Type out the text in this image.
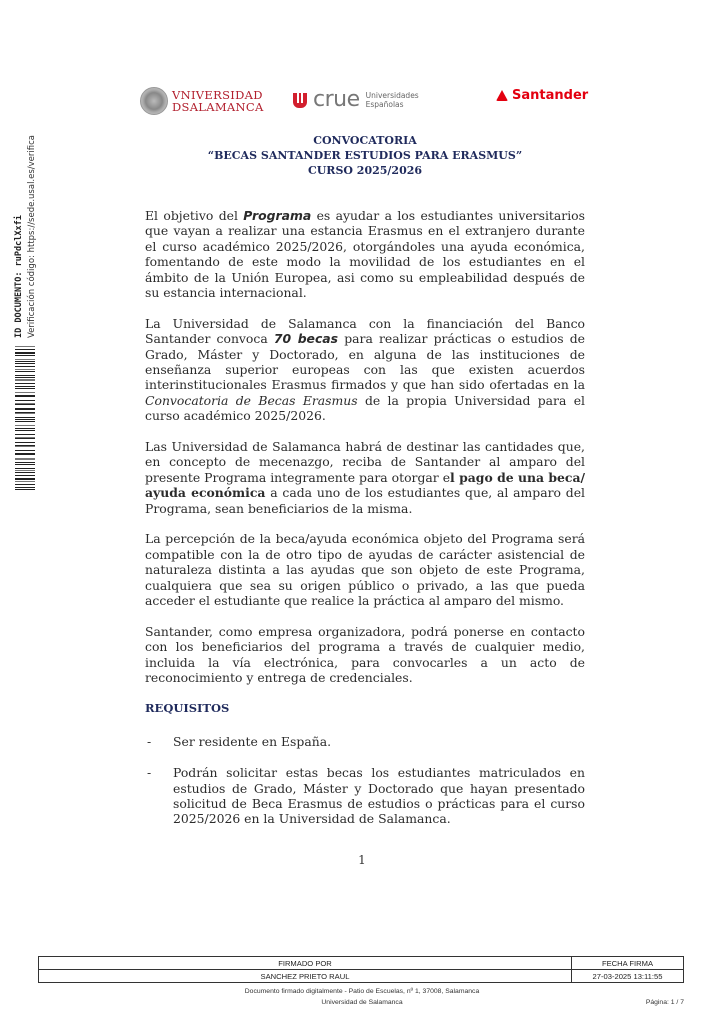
VNIVERSIDAD
DSALAMANCA crue Universidades
Españolas
Santander
CONVOCATORIA
“BECAS SANTANDER ESTUDIOS PARA ERASMUS”
CURSO 2025/2026

El objetivo del Programa es ayudar a los estudiantes universitarios que vayan a realizar una estancia Erasmus en el extranjero durante el curso académico 2025/2026, otorgándoles una ayuda económica, fomentando de este modo la movilidad de los estudiantes en el ámbito de la Unión Europea, asi como su empleabilidad después de su estancia internacional.

La Universidad de Salamanca con la financiación del Banco Santander convoca 70 becas para realizar prácticas o estudios de Grado, Máster y Doctorado, en alguna de las instituciones de enseñanza superior europeas con las que existen acuerdos interinstitucionales Erasmus firmados y que han sido ofertadas en la Convocatoria de Becas Erasmus de la propia Universidad para el curso académico 2025/2026.

Las Universidad de Salamanca habrá de destinar las cantidades que, en concepto de mecenazgo, reciba de Santander al amparo del presente Programa integramente para otorgar el pago de una beca/ ayuda económica a cada uno de los estudiantes que, al amparo del Programa, sean beneficiarios de la misma.

La percepción de la beca/ayuda económica objeto del Programa será compatible con la de otro tipo de ayudas de carácter asistencial de naturaleza distinta a las ayudas que son objeto de este Programa, cualquiera que sea su origen público o privado, a las que pueda acceder el estudiante que realice la práctica al amparo del mismo.

Santander, como empresa organizadora, podrá ponerse en contacto con los beneficiarios del programa a través de cualquier medio, incluida la vía electrónica, para convocarles a un acto de reconocimiento y entrega de credenciales.

REQUISITOS
- Ser residente en España.
- Podrán solicitar estas becas los estudiantes matriculados en estudios de Grado, Máster y Doctorado que hayan presentado solicitud de Beca Erasmus de estudios o prácticas para el curso 2025/2026 en la Universidad de Salamanca.
1
ID DOCUMENTO: ruPdclXxfi Verificación código: https://sede.usal.es/verifica
FIRMADO POR	FECHA FIRMA
SANCHEZ PRIETO RAUL	27-03-2025 13:11:55
Documento firmado digitalmente - Patio de Escuelas, nº 1, 37008, Salamanca
Universidad de Salamanca	Página: 1 / 7
